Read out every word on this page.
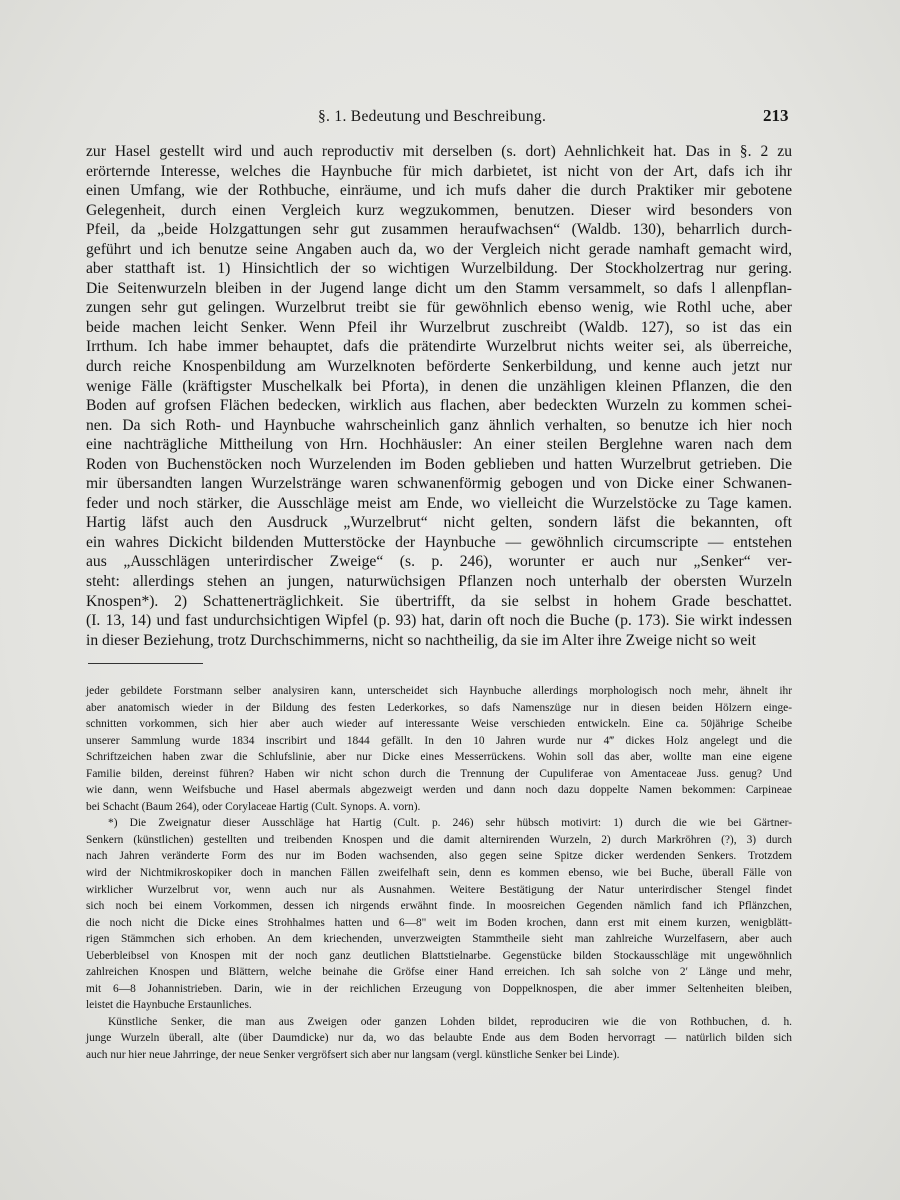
§. 1. Bedeutung und Beschreibung.	213
zur Hasel gestellt wird und auch reproductiv mit derselben (s. dort) Aehnlichkeit hat. Das in §. 2 zu
erörternde Interesse, welches die Haynbuche für mich darbietet, ist nicht von der Art, dafs ich ihr
einen Umfang, wie der Rothbuche, einräume, und ich mufs daher die durch Praktiker mir gebotene
Gelegenheit, durch einen Vergleich kurz wegzukommen, benutzen. Dieser wird besonders von
Pfeil, da „beide Holzgattungen sehr gut zusammen heraufwachsen“ (Waldb. 130), beharrlich durch-
geführt und ich benutze seine Angaben auch da, wo der Vergleich nicht gerade namhaft gemacht wird,
aber statthaft ist. 1) Hinsichtlich der so wichtigen Wurzelbildung. Der Stockholzertrag nur gering.
Die Seitenwurzeln bleiben in der Jugend lange dicht um den Stamm versammelt, so dafs l allenpflan-
zungen sehr gut gelingen. Wurzelbrut treibt sie für gewöhnlich ebenso wenig, wie Rothl uche, aber
beide machen leicht Senker. Wenn Pfeil ihr Wurzelbrut zuschreibt (Waldb. 127), so ist das ein
Irrthum. Ich habe immer behauptet, dafs die prätendirte Wurzelbrut nichts weiter sei, als überreiche,
durch reiche Knospenbildung am Wurzelknoten beförderte Senkerbildung, und kenne auch jetzt nur
wenige Fälle (kräftigster Muschelkalk bei Pforta), in denen die unzähligen kleinen Pflanzen, die den
Boden auf grofsen Flächen bedecken, wirklich aus flachen, aber bedeckten Wurzeln zu kommen schei-
nen. Da sich Roth- und Haynbuche wahrscheinlich ganz ähnlich verhalten, so benutze ich hier noch
eine nachträgliche Mittheilung von Hrn. Hochhäusler: An einer steilen Berglehne waren nach dem
Roden von Buchenstöcken noch Wurzelenden im Boden geblieben und hatten Wurzelbrut getrieben. Die
mir übersandten langen Wurzelstränge waren schwanenförmig gebogen und von Dicke einer Schwanen-
feder und noch stärker, die Ausschläge meist am Ende, wo vielleicht die Wurzelstöcke zu Tage kamen.
Hartig läfst auch den Ausdruck „Wurzelbrut“ nicht gelten, sondern läfst die bekannten, oft
ein wahres Dickicht bildenden Mutterstöcke der Haynbuche — gewöhnlich circumscripte — entstehen
aus „Ausschlägen unterirdischer Zweige“ (s. p. 246), worunter er auch nur „Senker“ ver-
steht: allerdings stehen an jungen, naturwüchsigen Pflanzen noch unterhalb der obersten Wurzeln
Knospen*). 2) Schattenerträglichkeit. Sie übertrifft, da sie selbst in hohem Grade beschattet.
(I. 13, 14) und fast undurchsichtigen Wipfel (p. 93) hat, darin oft noch die Buche (p. 173). Sie wirkt indessen
in dieser Beziehung, trotz Durchschimmerns, nicht so nachtheilig, da sie im Alter ihre Zweige nicht so weit
jeder gebildete Forstmann selber analysiren kann, unterscheidet sich Haynbuche allerdings morphologisch noch mehr, ähnelt ihr
aber anatomisch wieder in der Bildung des festen Lederkorkes, so dafs Namenszüge nur in diesen beiden Hölzern einge-
schnitten vorkommen, sich hier aber auch wieder auf interessante Weise verschieden entwickeln. Eine ca. 50jährige Scheibe
unserer Sammlung wurde 1834 inscribirt und 1844 gefällt. In den 10 Jahren wurde nur 4‴ dickes Holz angelegt und die
Schriftzeichen haben zwar die Schlufslinie, aber nur Dicke eines Messerrückens. Wohin soll das aber, wollte man eine eigene
Familie bilden, dereinst führen? Haben wir nicht schon durch die Trennung der Cupuliferae von Amentaceae Juss. genug? Und
wie dann, wenn Weifsbuche und Hasel abermals abgezweigt werden und dann noch dazu doppelte Namen bekommen: Carpineae
bei Schacht (Baum 264), oder Corylaceae Hartig (Cult. Synops. A. vorn).
*) Die Zweignatur dieser Ausschläge hat Hartig (Cult. p. 246) sehr hübsch motivirt: 1) durch die wie bei Gärtner-
Senkern (künstlichen) gestellten und treibenden Knospen und die damit alternirenden Wurzeln, 2) durch Markröhren (?), 3) durch
nach Jahren veränderte Form des nur im Boden wachsenden, also gegen seine Spitze dicker werdenden Senkers. Trotzdem
wird der Nichtmikroskopiker doch in manchen Fällen zweifelhaft sein, denn es kommen ebenso, wie bei Buche, überall Fälle von
wirklicher Wurzelbrut vor, wenn auch nur als Ausnahmen. Weitere Bestätigung der Natur unterirdischer Stengel findet
sich noch bei einem Vorkommen, dessen ich nirgends erwähnt finde. In moosreichen Gegenden nämlich fand ich Pflänzchen,
die noch nicht die Dicke eines Strohhalmes hatten und 6—8" weit im Boden krochen, dann erst mit einem kurzen, wenigblätt-
rigen Stämmchen sich erhoben. An dem kriechenden, unverzweigten Stammtheile sieht man zahlreiche Wurzelfasern, aber auch
Ueberbleibsel von Knospen mit der noch ganz deutlichen Blattstielnarbe. Gegenstücke bilden Stockausschläge mit ungewöhnlich
zahlreichen Knospen und Blättern, welche beinahe die Gröfse einer Hand erreichen. Ich sah solche von 2′ Länge und mehr,
mit 6—8 Johannistrieben. Darin, wie in der reichlichen Erzeugung von Doppelknospen, die aber immer Seltenheiten bleiben,
leistet die Haynbuche Erstaunliches.
Künstliche Senker, die man aus Zweigen oder ganzen Lohden bildet, reproduciren wie die von Rothbuchen, d. h.
junge Wurzeln überall, alte (über Daumdicke) nur da, wo das belaubte Ende aus dem Boden hervorragt — natürlich bilden sich
auch nur hier neue Jahrringe, der neue Senker vergröfsert sich aber nur langsam (vergl. künstliche Senker bei Linde).
